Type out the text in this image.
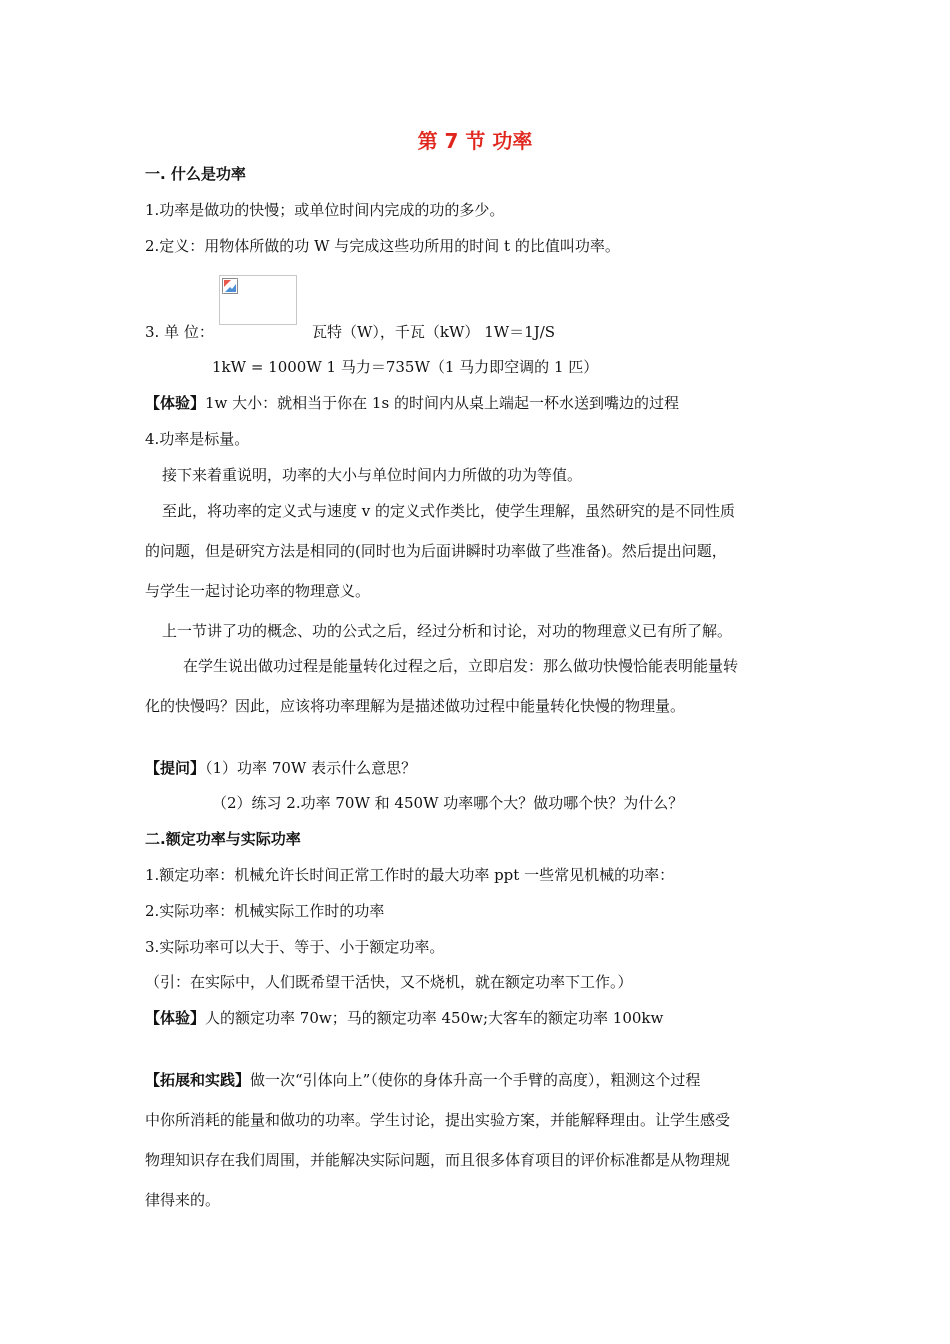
第 7 节 功率
一. 什么是功率
1.功率是做功的快慢；或单位时间内完成的功的多少。
2.定义：用物体所做的功 W 与完成这些功所用的时间 t 的比值叫功率。
3. 单 位：	瓦特（W），千瓦（kW） 1W＝1J/S
1kW = 1000W 1 马力＝735W（1 马力即空调的 1 匹）
【体验】1w 大小：就相当于你在 1s 的时间内从桌上端起一杯水送到嘴边的过程
4.功率是标量。
接下来着重说明，功率的大小与单位时间内力所做的功为等值。
至此，将功率的定义式与速度 v 的定义式作类比，使学生理解，虽然研究的是不同性质
的问题，但是研究方法是相同的(同时也为后面讲瞬时功率做了些准备)。然后提出问题，
与学生一起讨论功率的物理意义。
上一节讲了功的概念、功的公式之后，经过分析和讨论，对功的物理意义已有所了解。
在学生说出做功过程是能量转化过程之后，立即启发：那么做功快慢恰能表明能量转
化的快慢吗？因此，应该将功率理解为是描述做功过程中能量转化快慢的物理量。
【提问】（1）功率 70W 表示什么意思？
（2）练习 2.功率 70W 和 450W 功率哪个大？做功哪个快？为什么？
二.额定功率与实际功率
1.额定功率：机械允许长时间正常工作时的最大功率 ppt 一些常见机械的功率：
2.实际功率：机械实际工作时的功率
3.实际功率可以大于、等于、小于额定功率。
（引：在实际中，人们既希望干活快，又不烧机，就在额定功率下工作。）
【体验】人的额定功率 70w；马的额定功率 450w;大客车的额定功率 100kw
【拓展和实践】做一次“引体向上”（使你的身体升高一个手臂的高度），粗测这个过程
中你所消耗的能量和做功的功率。学生讨论，提出实验方案，并能解释理由。让学生感受
物理知识存在我们周围，并能解决实际问题，而且很多体育项目的评价标准都是从物理规
律得来的。
